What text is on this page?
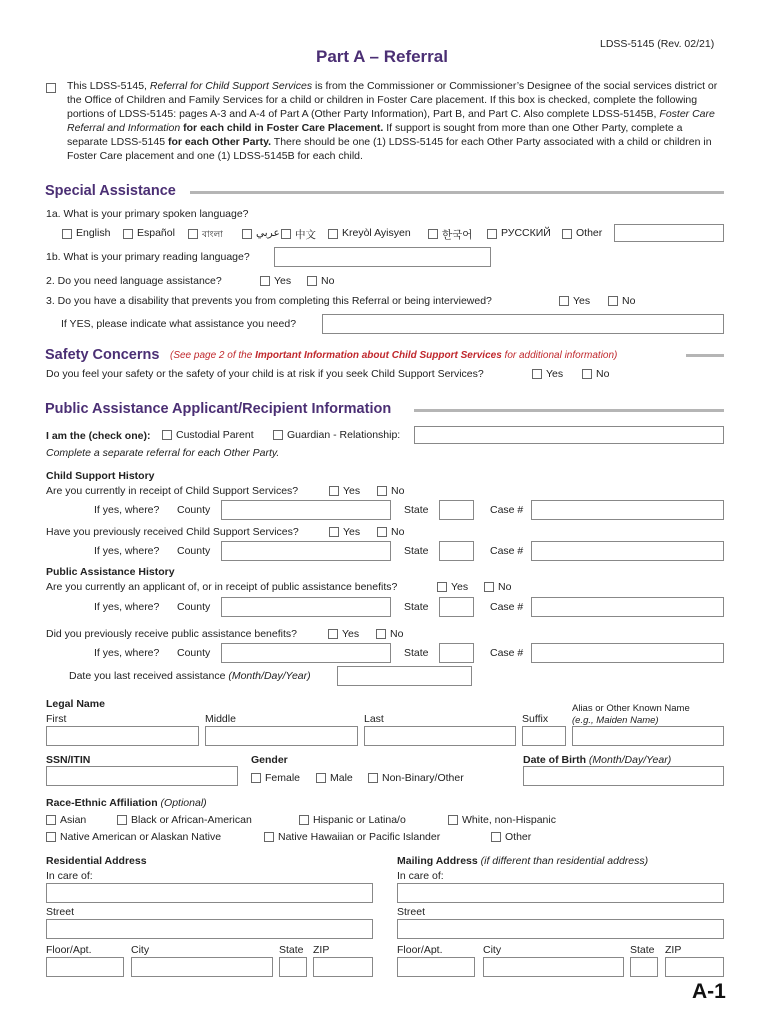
LDSS-5145 (Rev. 02/21)
Part A – Referral
This LDSS-5145, Referral for Child Support Services is from the Commissioner or Commissioner’s Designee of the social services district or the Office of Children and Family Services for a child or children in Foster Care placement. If this box is checked, complete the following portions of LDSS-5145: pages A-3 and A-4 of Part A (Other Party Information), Part B, and Part C. Also complete LDSS-5145B, Foster Care Referral and Information for each child in Foster Care Placement. If support is sought from more than one Other Party, complete a separate LDSS-5145 for each Other Party. There should be one (1) LDSS-5145 for each Other Party associated with a child or children in Foster Care placement and one (1) LDSS-5145B for each child.
Special Assistance
1a. What is your primary spoken language?
English	Español	বাংলা	عربي 中文 Kreyòl Ayisyen	한국어	РУССКИЙ Other
1b. What is your primary reading language?
2. Do you need language assistance?	Yes	No
3. Do you have a disability that prevents you from completing this Referral or being interviewed?	Yes	No
If YES, please indicate what assistance you need?
Safety Concerns (See page 2 of the Important Information about Child Support Services for additional information)
Do you feel your safety or the safety of your child is at risk if you seek Child Support Services?	Yes	No
Public Assistance Applicant/Recipient Information
I am the (check one): Custodial Parent	Guardian - Relationship:
Complete a separate referral for each Other Party.
Child Support History
Are you currently in receipt of Child Support Services?	Yes	No
If yes, where? County	State	Case #
Have you previously received Child Support Services?	Yes	No
If yes, where? County	State	Case #
Public Assistance History
Are you currently an applicant of, or in receipt of public assistance benefits?	Yes	No
If yes, where? County	State	Case #
Did you previously receive public assistance benefits?	Yes	No
If yes, where? County	State	Case #
Date you last received assistance (Month/Day/Year)
Legal Name
First	Middle	Last	Suffix
Alias or Other Known Name
(e.g., Maiden Name)
SSN/ITIN	Gender	Date of Birth (Month/Day/Year)
Female	Male	Non-Binary/Other
Race-Ethnic Affiliation (Optional)
Asian	Black or African-American	Hispanic or Latina/o	White, non-Hispanic
Native American or Alaskan Native	Native Hawaiian or Pacific Islander	Other
Residential Address	Mailing Address (if different than residential address)
In care of:	In care of:
Street	Street
Floor/Apt.	City	State ZIP	Floor/Apt.	City	State ZIP
A-1
